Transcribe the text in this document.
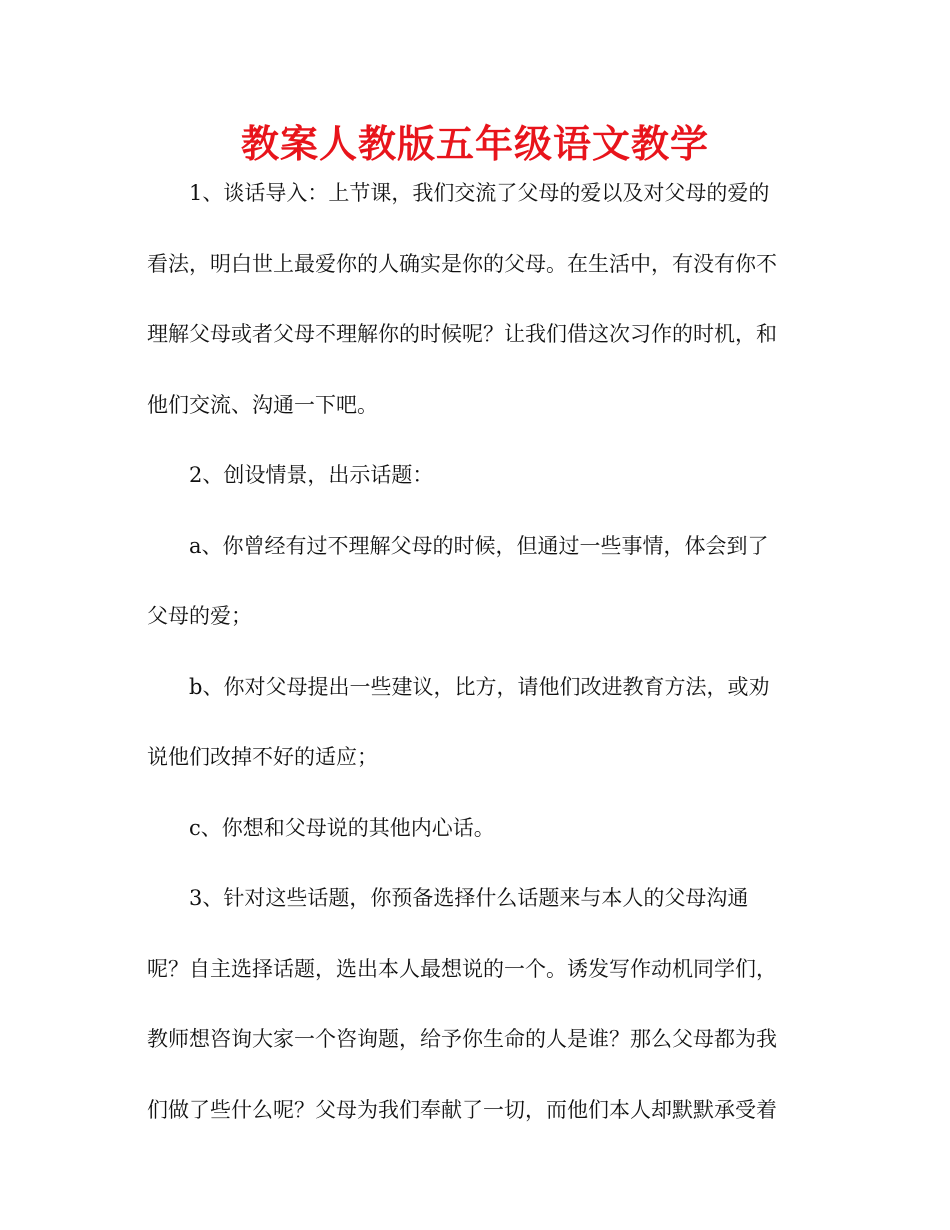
教案人教版五年级语文教学
1、谈话导入：上节课，我们交流了父母的爱以及对父母的爱的
看法，明白世上最爱你的人确实是你的父母。在生活中，有没有你不
理解父母或者父母不理解你的时候呢？让我们借这次习作的时机，和
他们交流、沟通一下吧。
2、创设情景，出示话题：
a、你曾经有过不理解父母的时候，但通过一些事情，体会到了
父母的爱；
b、你对父母提出一些建议，比方，请他们改进教育方法，或劝
说他们改掉不好的适应；
c、你想和父母说的其他内心话。
3、针对这些话题，你预备选择什么话题来与本人的父母沟通
呢？自主选择话题，选出本人最想说的一个。诱发写作动机同学们，
教师想咨询大家一个咨询题，给予你生命的人是谁？那么父母都为我
们做了些什么呢？父母为我们奉献了一切，而他们本人却默默承受着
